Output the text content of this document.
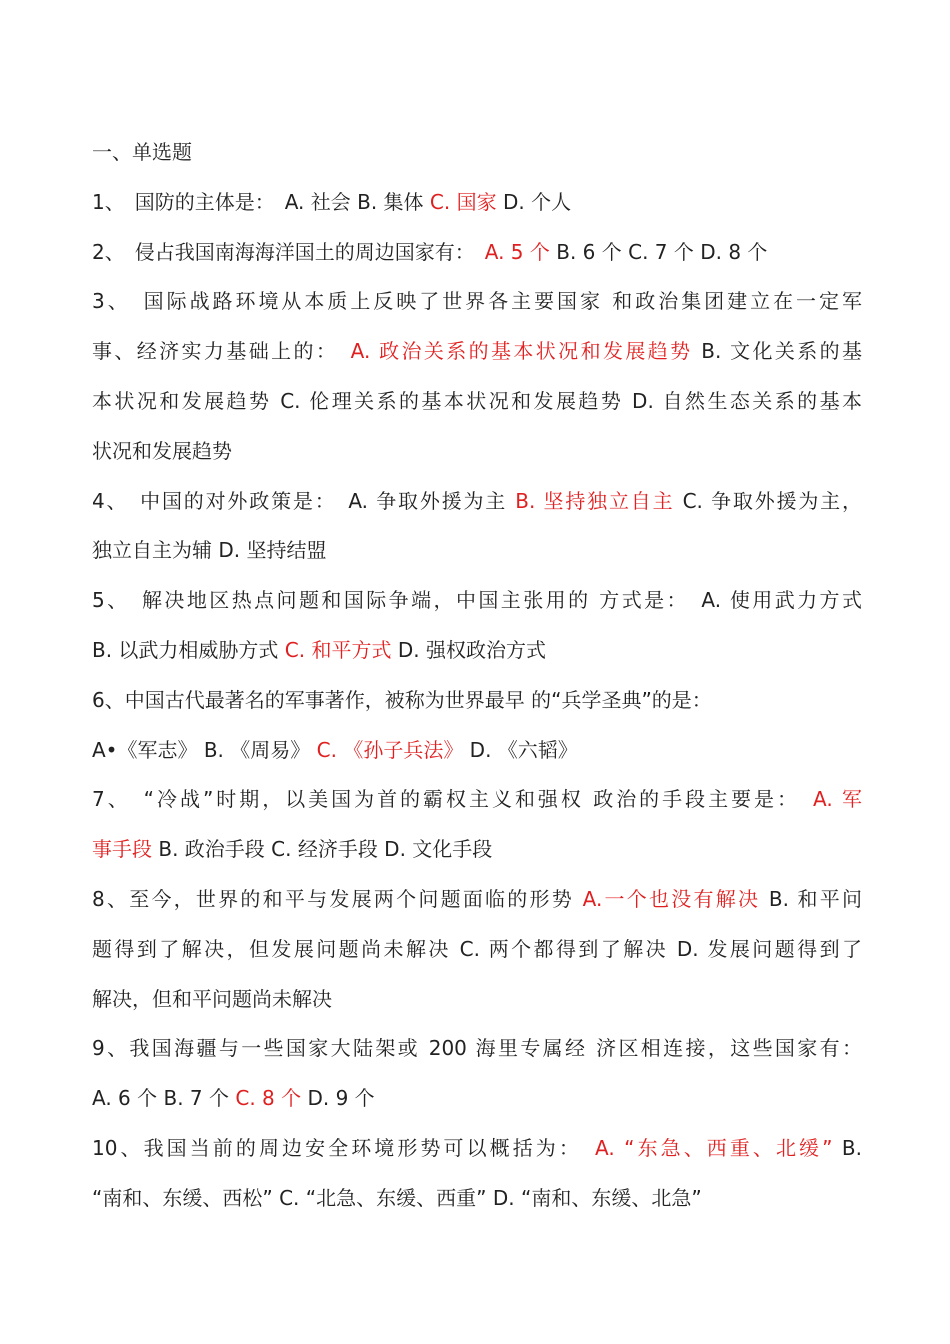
一、单选题
1、　国防的主体是：　A. 社会 B. 集体 C. 国家 D. 个人
2、　侵占我国南海海洋国土的周边国家有：　A. 5 个 B. 6 个 C. 7 个 D. 8 个
3、　国际战路环境从本质上反映了世界各主要国家 和政治集团建立在一定军
事、经济实力基础上的：　A. 政治关系的基本状况和发展趋势 B. 文化关系的基
本状况和发展趋势 C. 伦理关系的基本状况和发展趋势 D. 自然生态关系的基本
状况和发展趋势
4、　中国的对外政策是：　A. 争取外援为主 B. 坚持独立自主 C. 争取外援为主，
独立自主为辅 D. 坚持结盟
5、　解决地区热点问题和国际争端，中国主张用的 方式是：　A. 使用武力方式
B. 以武力相威胁方式 C. 和平方式 D. 强权政治方式
6、中国古代最著名的军事著作，被称为世界最早 的“兵学圣典”的是：
A•《军志》 B. 《周易》 C. 《孙子兵法》 D. 《六韬》
7、　“冷战”时期，以美国为首的霸权主义和强权 政治的手段主要是：　A. 军
事手段 B. 政治手段 C. 经济手段 D. 文化手段
8、至今，世界的和平与发展两个问题面临的形势 A.一个也没有解决 B. 和平问
题得到了解决，但发展问题尚未解决 C. 两个都得到了解决 D. 发展问题得到了
解决，但和平问题尚未解决
9、我国海疆与一些国家大陆架或 200 海里专属经 济区相连接，这些国家有：
A. 6 个 B. 7 个 C. 8 个 D. 9 个
10、我国当前的周边安全环境形势可以概括为：　A. “东急、西重、北缓” B.
“南和、东缓、西松” C. “北急、东缓、西重” D. “南和、东缓、北急”
